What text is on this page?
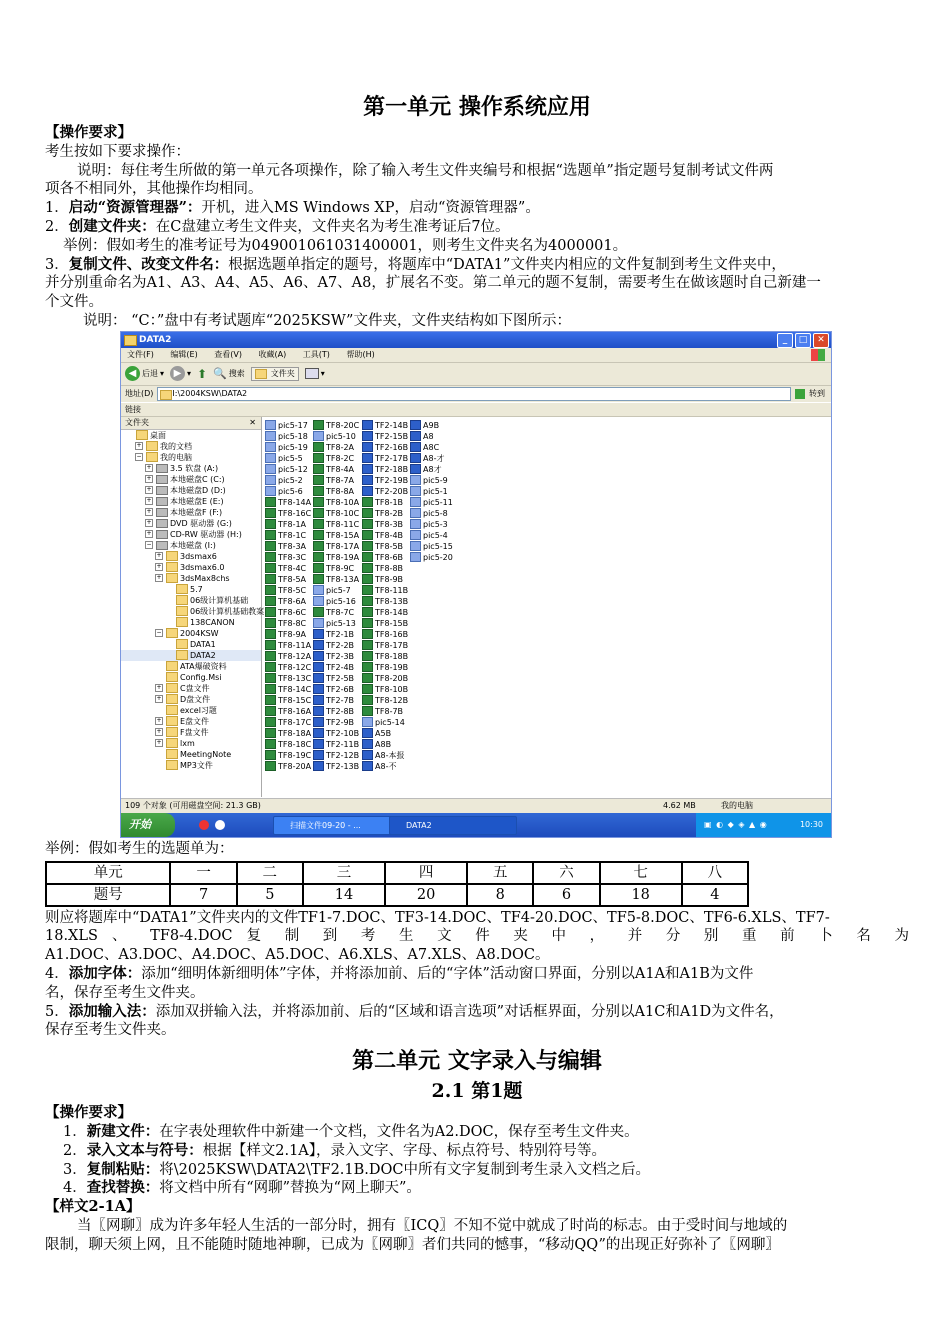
第一单元 操作系统应用

【操作要求】

考生按如下要求操作：

说明：每住考生所做的第一单元各项操作，除了输入考生文件夹编号和根据“选题单”指定题号复制考试文件两

项各不相同外，其他操作均相同。

1．启动“资源管理器”：开机，进入MS Windows XP，启动“资源管理器”。

2．创建文件夹：在C盘建立考生文件夹，文件夹名为考生准考证后7位。

举例：假如考生的准考证号为049001061031400001，则考生文件夹名为4000001。

3．复制文件、改变文件名：根据选题单指定的题号，将题库中“DATA1”文件夹内相应的文件复制到考生文件夹中，

并分别重命名为A1、A3、A4、A5、A6、A7、A8，扩展名不变。第二单元的题不复制，需要考生在做该题时自己新建一

个文件。

说明： “C：”盘中有考试题库“2025KSW”文件夹，文件夹结构如下图所示：

DATA2	_	□	✕
文件(F) 编辑(E) 查看(V) 收藏(A) 工具(T) 帮助(H)
◀ 后退 ▾ ▶ ▾ ⬆ 🔍 搜索	文件夹	▾
地址(D)	I:\2004KSW\DATA2	转到
链接
文件夹	✕
桌面
+ 我的文档
− 我的电脑
+ 3.5 软盘 (A:)
+ 本地磁盘C (C:)
+ 本地磁盘D (D:)
+ 本地磁盘E (E:)
+ 本地磁盘F (F:)
+ DVD 驱动器 (G:)
+ CD-RW 驱动器 (H:)
− 本地磁盘 (I:)
+ 3dsmax6
+ 3dsmax6.0
+ 3dsMax8chs
5.7
06级计算机基础
06级计算机基础教案
138CANON
− 2004KSW
DATA1
DATA2
ATA爆破资料
Config.Msi
+ C盘文件
+ D盘文件
excel习题
+ E盘文件
+ F盘文件
+ lxm
MeetingNote
MP3文件
pic5-17
pic5-18
pic5-19
pic5-5
pic5-12
pic5-2
pic5-6
TF8-14A
TF8-16C
TF8-1A
TF8-1C
TF8-3A
TF8-3C
TF8-4C
TF8-5A
TF8-5C
TF8-6A
TF8-6C
TF8-8C
TF8-9A
TF8-11A
TF8-12A
TF8-12C
TF8-13C
TF8-14C
TF8-15C
TF8-16A
TF8-17C
TF8-18A
TF8-18C
TF8-19C
TF8-20A
TF8-20C
pic5-10
TF8-2A
TF8-2C
TF8-4A
TF8-7A
TF8-8A
TF8-10A
TF8-10C
TF8-11C
TF8-15A
TF8-17A
TF8-19A
TF8-9C
TF8-13A
pic5-7
pic5-16
TF8-7C
pic5-13
TF2-1B
TF2-2B
TF2-3B
TF2-4B
TF2-5B
TF2-6B
TF2-7B
TF2-8B
TF2-9B
TF2-10B
TF2-11B
TF2-12B
TF2-13B
TF2-14B
TF2-15B
TF2-16B
TF2-17B
TF2-18B
TF2-19B
TF2-20B
TF8-1B
TF8-2B
TF8-3B
TF8-4B
TF8-5B
TF8-6B
TF8-8B
TF8-9B
TF8-11B
TF8-13B
TF8-14B
TF8-15B
TF8-16B
TF8-17B
TF8-18B
TF8-19B
TF8-20B
TF8-10B
TF8-12B
TF8-7B
pic5-14
A5B
A8B
A8-本报
A8-不
A9B
A8
A8C
A8-才
A8才
pic5-9
pic5-1
pic5-11
pic5-8
pic5-3
pic5-4
pic5-15
pic5-20
109 个对象 (可用磁盘空间: 21.3 GB)	4.62 MB	我的电脑
开始	扫描文件09-20 - ...	DATA2	▣ ◐ ◆ ◈ ▲ ◉	10:30

举例：假如考生的选题单为：

单元	一	二	三	四	五	六	七	八
题号	7	5	14	20	8	6	18	4

则应将题库中“DATA1”文件夹内的文件TF1-7.DOC、TF3-14.DOC、TF4-20.DOC、TF5-8.DOC、TF6-6.XLS、TF7-

18.XLS 、 TF8-4.DOC 复 制 到 考 生 文 件 夹 中 ， 并 分 别 重 前 卜 名 为

A1.DOC、A3.DOC、A4.DOC、A5.DOC、A6.XLS、A7.XLS、A8.DOC。

4．添加字体：添加“细明体新细明体”字体，并将添加前、后的“字体”活动窗口界面，分别以A1A和A1B为文件

名，保存至考生文件夹。

5．添加输入法：添加双拼输入法，并将添加前、后的“区域和语言选项”对话框界面，分别以A1C和A1D为文件名，

保存至考生文件夹。

第二单元 文字录入与编辑

2.1 第1题

【操作要求】

1．新建文件：在字表处理软件中新建一个文档，文件名为A2.DOC，保存至考生文件夹。

2．录入文本与符号：根据【样文2.1A】，录入文字、字母、标点符号、特别符号等。

3．复制粘贴：将\2025KSW\DATA2\TF2.1B.DOC中所有文字复制到考生录入文档之后。

4．查找替换：将文档中所有“网聊”替换为“网上聊天”。

【样文2-1A】

当〖网聊〗成为许多年轻人生活的一部分时，拥有〖ICQ〗不知不觉中就成了时尚的标志。由于受时间与地域的

限制，聊天须上网，且不能随时随地神聊，已成为〖网聊〗者们共同的憾事，“移动QQ”的出现正好弥补了〖网聊〗
